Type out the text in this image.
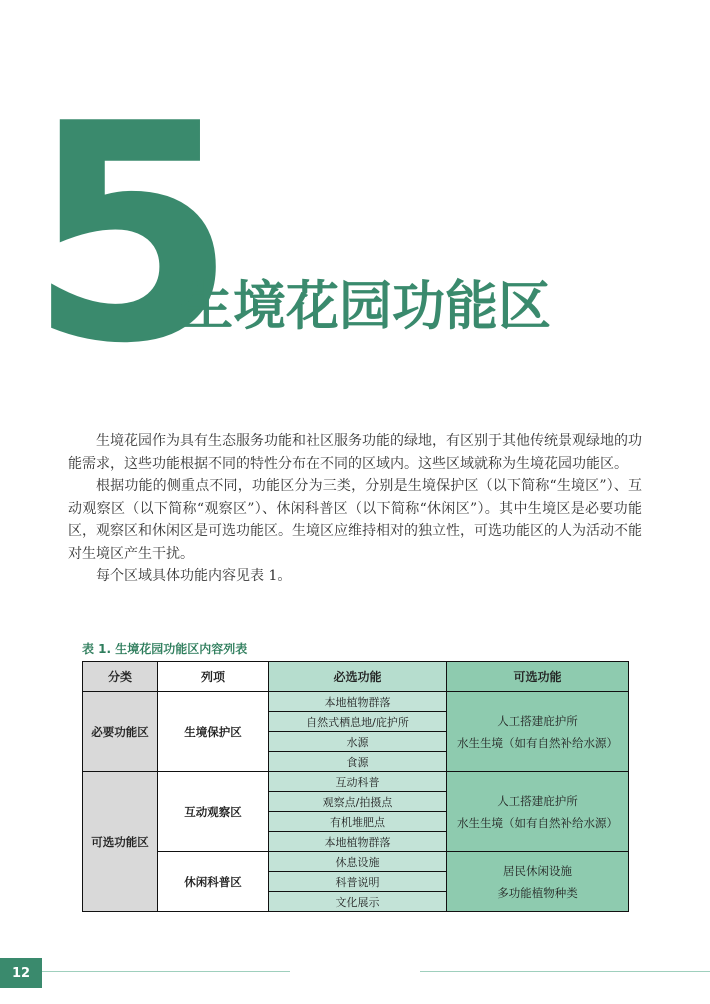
5
生境花园功能区

生境花园作为具有生态服务功能和社区服务功能的绿地，有区别于其他传统景观绿地的功能需求，这些功能根据不同的特性分布在不同的区域内。这些区域就称为生境花园功能区。

根据功能的侧重点不同，功能区分为三类，分别是生境保护区（以下简称“生境区”）、互动观察区（以下简称“观察区”）、休闲科普区（以下简称“休闲区”）。其中生境区是必要功能区，观察区和休闲区是可选功能区。生境区应维持相对的独立性，可选功能区的人为活动不能对生境区产生干扰。

每个区域具体功能内容见表 1。

表 1. 生境花园功能区内容列表
分类	列项	必选功能	可选功能
必要功能区	生境保护区	本地植物群落	人工搭建庇护所
水生生境（如有自然补给水源）

		自然式栖息地/庇护所	
		水源	
		食源	
可选功能区	互动观察区	互动科普	人工搭建庇护所
水生生境（如有自然补给水源）

		观察点/拍摄点	
		有机堆肥点	
		本地植物群落	
	休闲科普区	休息设施	居民休闲设施
多功能植物种类

		科普说明	
		文化展示	
12
